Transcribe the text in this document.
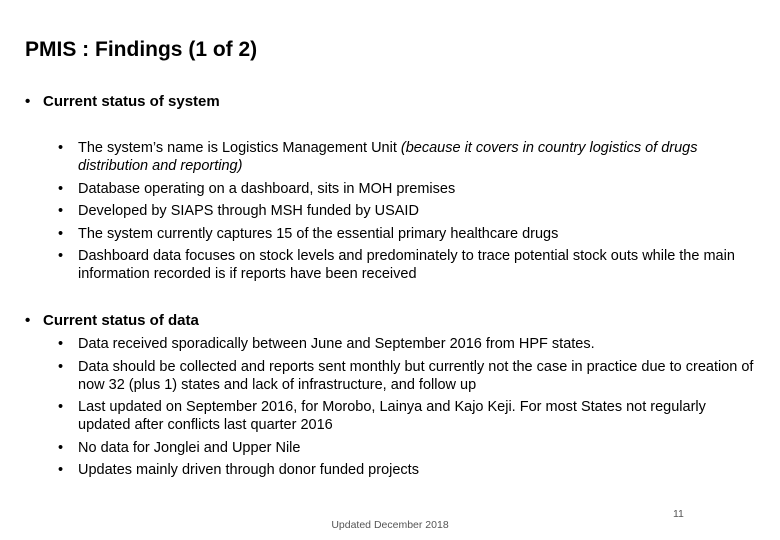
PMIS : Findings (1 of 2)
• Current status of system
• The system’s name is Logistics Management Unit (because it covers in country logistics of drugs distribution and reporting)
• Database operating on a dashboard, sits in MOH premises
• Developed by SIAPS through MSH funded by USAID
• The system currently captures 15 of the essential primary healthcare drugs
• Dashboard data focuses on stock levels and predominately to trace potential stock outs while the main information recorded is if reports have been received
• Current status of data
• Data received sporadically between June and September 2016 from HPF states.
• Data should be collected and reports sent monthly but currently not the case in practice due to creation of now 32 (plus 1) states and lack of infrastructure, and follow up
• Last updated on September 2016, for Morobo, Lainya and Kajo Keji. For most States not regularly updated after conflicts last quarter 2016
• No data for Jonglei and Upper Nile
• Updates mainly driven through donor funded projects
11
Updated December 2018
